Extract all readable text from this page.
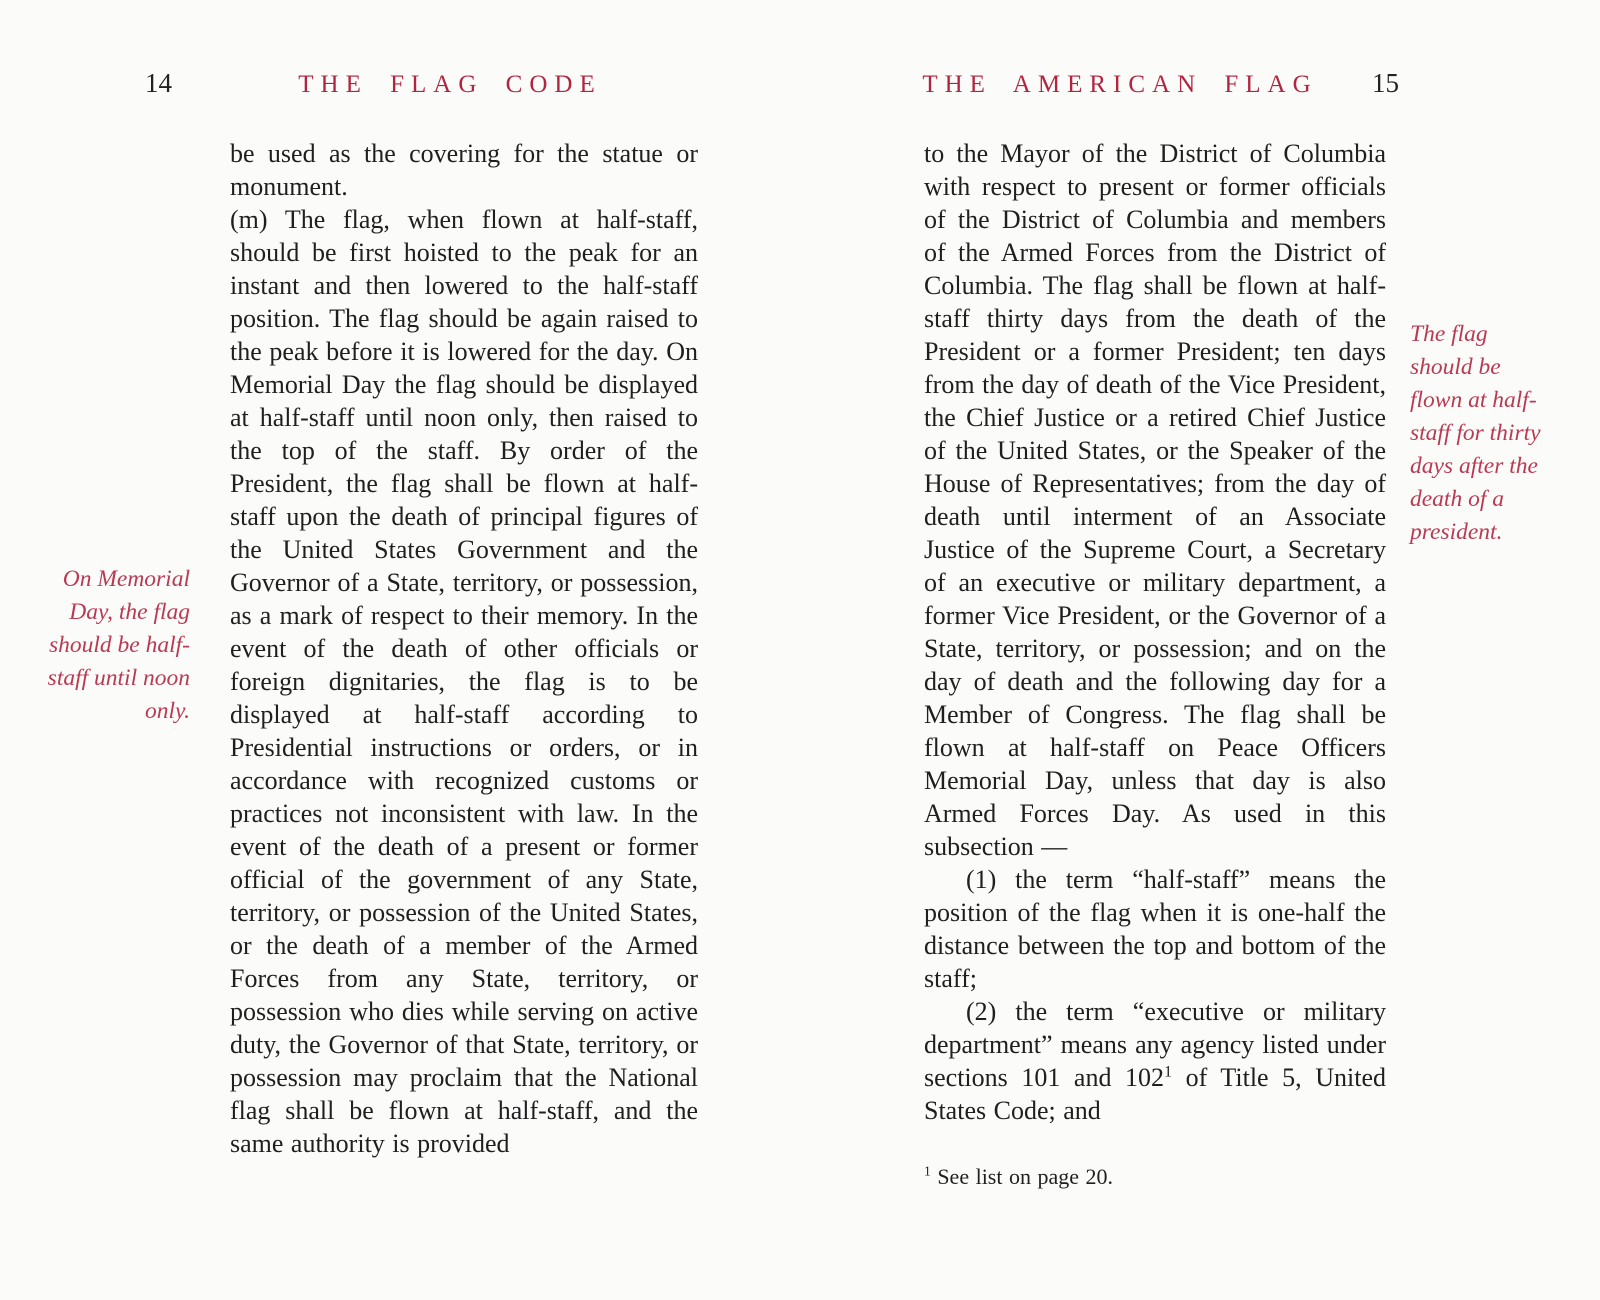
14	THE FLAG CODE
On Memorial Day, the flag should be half-staff until noon only.

be used as the covering for the statue or monument.

(m) The flag, when flown at half-staff, should be first hoisted to the peak for an instant and then lowered to the half-staff position. The flag should be again raised to the peak before it is lowered for the day. On Memorial Day the flag should be displayed at half-staff until noon only, then raised to the top of the staff. By order of the President, the flag shall be flown at half-staff upon the death of principal figures of the United States Government and the Governor of a State, territory, or possession, as a mark of respect to their memory. In the event of the death of other officials or foreign dignitaries, the flag is to be displayed at half-staff according to Presidential instructions or orders, or in accordance with recognized customs or practices not inconsistent with law. In the event of the death of a present or former official of the government of any State, territory, or possession of the United States, or the death of a member of the Armed Forces from any State, territory, or possession who dies while serving on active duty, the Governor of that State, territory, or possession may proclaim that the National flag shall be flown at half-staff, and the same authority is provided

THE AMERICAN FLAG	15
The flag should be flown at half-staff for thirty days after the death of a president.

to the Mayor of the District of Columbia with respect to present or former officials of the District of Columbia and members of the Armed Forces from the District of Columbia. The flag shall be flown at half-staff thirty days from the death of the President or a former President; ten days from the day of death of the Vice President, the Chief Justice or a retired Chief Justice of the United States, or the Speaker of the House of Representatives; from the day of death until interment of an Associate Justice of the Supreme Court, a Secretary of an executive or military department, a former Vice President, or the Governor of a State, territory, or possession; and on the day of death and the following day for a Member of Congress. The flag shall be flown at half-staff on Peace Officers Memorial Day, unless that day is also Armed Forces Day. As used in this subsection —

(1) the term “half-staff” means the position of the flag when it is one-half the distance between the top and bottom of the staff;

(2) the term “executive or military department” means any agency listed under sections 101 and 102$^1$ of Title 5, United States Code; and

$^1$ See list on page 20.
